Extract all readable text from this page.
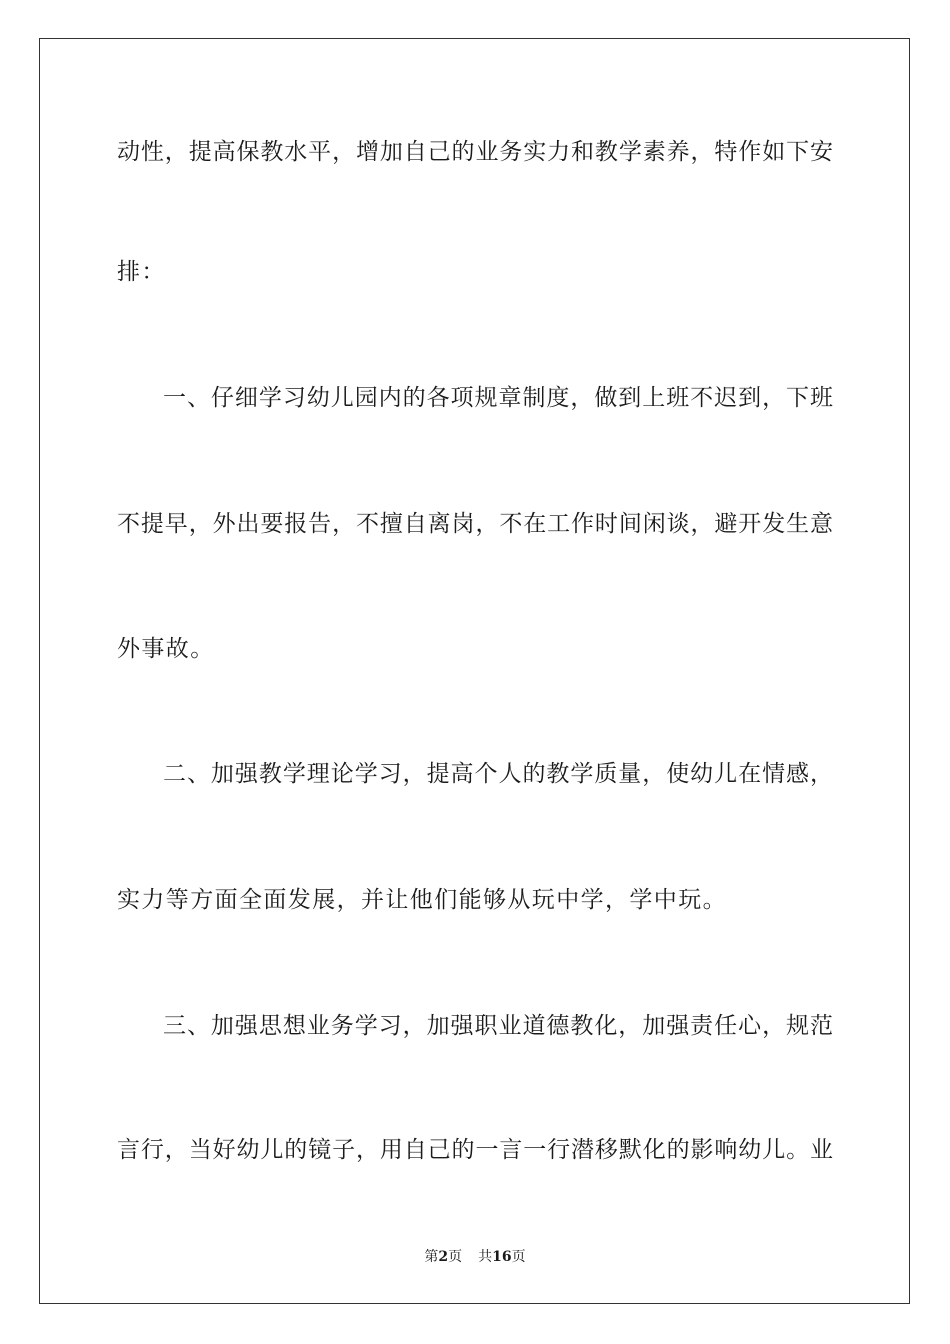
动性，提高保教水平，增加自己的业务实力和教学素养，特作如下安

排：

一、仔细学习幼儿园内的各项规章制度，做到上班不迟到，下班

不提早，外出要报告，不擅自离岗，不在工作时间闲谈，避开发生意

外事故。

二、加强教学理论学习，提高个人的教学质量，使幼儿在情感，

实力等方面全面发展，并让他们能够从玩中学，学中玩。

三、加强思想业务学习，加强职业道德教化，加强责任心，规范

言行，当好幼儿的镜子，用自己的一言一行潜移默化的影响幼儿。业

第2页 共16页
